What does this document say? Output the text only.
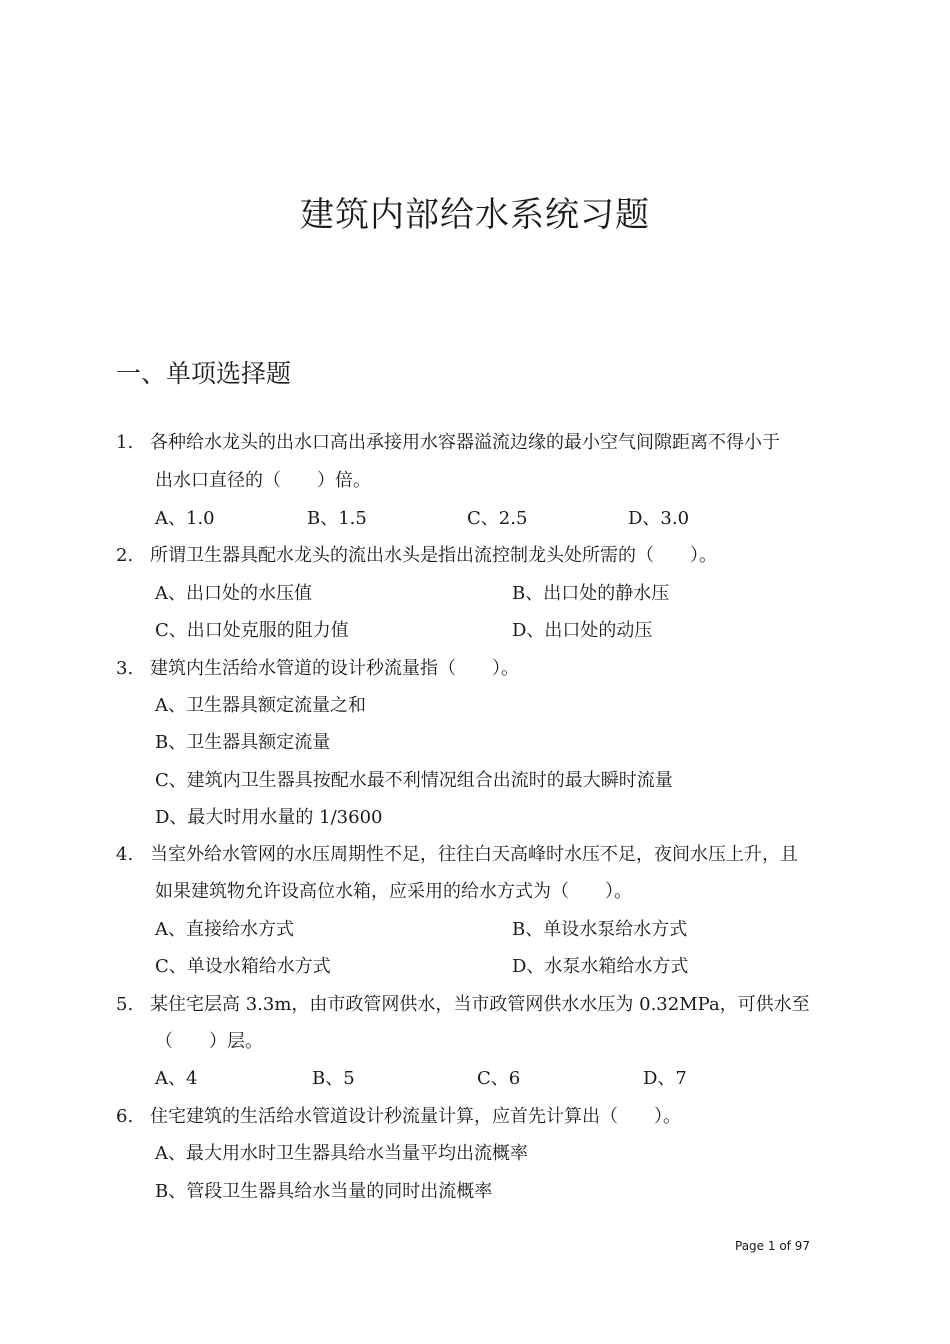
建筑内部给水系统习题
一、单项选择题
1. 各种给水龙头的出水口高出承接用水容器溢流边缘的最小空气间隙距离不得小于
出水口直径的（　　）倍。
A、1.0	B、1.5	C、2.5	D、3.0
2. 所谓卫生器具配水龙头的流出水头是指出流控制龙头处所需的（　　）。
A、出口处的水压值	B、出口处的静水压
C、出口处克服的阻力值	D、出口处的动压
3. 建筑内生活给水管道的设计秒流量指（　　）。
A、卫生器具额定流量之和
B、卫生器具额定流量
C、建筑内卫生器具按配水最不利情况组合出流时的最大瞬时流量
D、最大时用水量的 1/3600
4. 当室外给水管网的水压周期性不足，往往白天高峰时水压不足，夜间水压上升，且
如果建筑物允许设高位水箱，应采用的给水方式为（　　）。
A、直接给水方式	B、单设水泵给水方式
C、单设水箱给水方式	D、水泵水箱给水方式
5. 某住宅层高 3.3m，由市政管网供水，当市政管网供水水压为 0.32MPa，可供水至
（　　）层。
A、4	B、5	C、6	D、7
6. 住宅建筑的生活给水管道设计秒流量计算，应首先计算出（　　）。
A、最大用水时卫生器具给水当量平均出流概率
B、管段卫生器具给水当量的同时出流概率
Page 1 of 97
